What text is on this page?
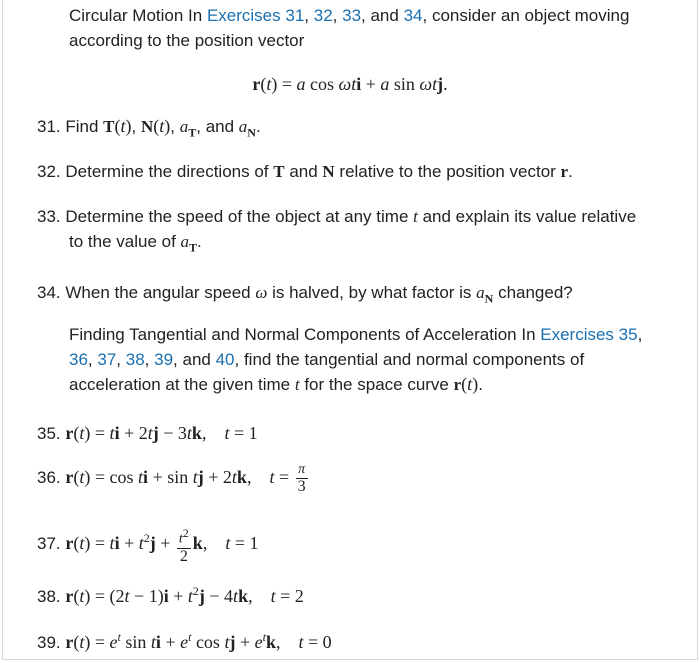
Circular Motion In Exercises 31, 32, 33, and 34, consider an object moving
according to the position vector
r(t) = a cos ωti + a sin ωtj.
31. Find T(t), N(t), $a_T$, and $a_N$.
32. Determine the directions of T and N relative to the position vector r.
33. Determine the speed of the object at any time t and explain its value relative
to the value of $a_T$.
34. When the angular speed ω is halved, by what factor is $a_N$ changed?
Finding Tangential and Normal Components of Acceleration In Exercises 35,
36, 37, 38, 39, and 40, find the tangential and normal components of
acceleration at the given time t for the space curve r(t).
35. r(t) = ti + 2tj − 3tk,    t = 1
36. r(t) = cos ti + sin tj + 2tk,    $t = \frac{\pi}{3}$
37. r(t) = ti + $t^2j + \frac{t^2}{2} k$,    t = 1
38. $r(t) = (2t - 1)i + t^2j - 4tk$,    t = 2
39. $r(t) = e^t$ sin ti + $e^t$ cos tj + $e^tk$,    t = 0
